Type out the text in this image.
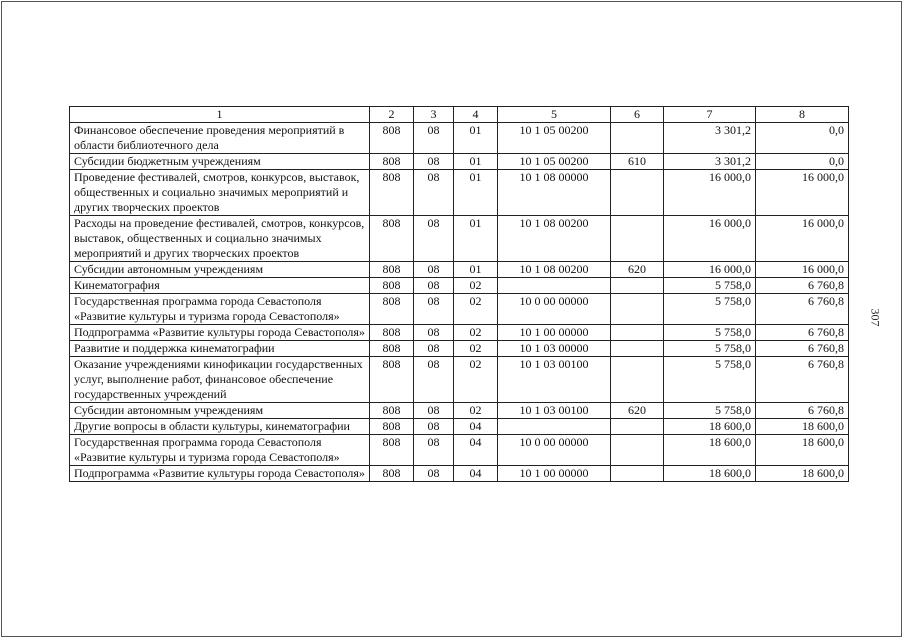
307
1	2	3	4	5	6	7	8
Финансовое обеспечение проведения мероприятий в области библиотечного дела	808	08	01	10 1 05 00200		3 301,2	0,0
Субсидии бюджетным учреждениям	808	08	01	10 1 05 00200	610	3 301,2	0,0
Проведение фестивалей, смотров, конкурсов, выставок, общественных и социально значимых мероприятий и других творческих проектов	808	08	01	10 1 08 00000		16 000,0	16 000,0
Расходы на проведение фестивалей, смотров, конкурсов, выставок, общественных и социально значимых мероприятий и других творческих проектов	808	08	01	10 1 08 00200		16 000,0	16 000,0
Субсидии автономным учреждениям	808	08	01	10 1 08 00200	620	16 000,0	16 000,0
Кинематография	808	08	02			5 758,0	6 760,8
Государственная программа города Севастополя «Развитие культуры и туризма города Севастополя»	808	08	02	10 0 00 00000		5 758,0	6 760,8
Подпрограмма «Развитие культуры города Севастополя»	808	08	02	10 1 00 00000		5 758,0	6 760,8
Развитие и поддержка кинематографии	808	08	02	10 1 03 00000		5 758,0	6 760,8
Оказание учреждениями кинофикации государственных услуг, выполнение работ, финансовое обеспечение государственных учреждений	808	08	02	10 1 03 00100		5 758,0	6 760,8
Субсидии автономным учреждениям	808	08	02	10 1 03 00100	620	5 758,0	6 760,8
Другие вопросы в области культуры, кинематографии	808	08	04			18 600,0	18 600,0
Государственная программа города Севастополя «Развитие культуры и туризма города Севастополя»	808	08	04	10 0 00 00000		18 600,0	18 600,0
Подпрограмма «Развитие культуры города Севастополя»	808	08	04	10 1 00 00000		18 600,0	18 600,0
